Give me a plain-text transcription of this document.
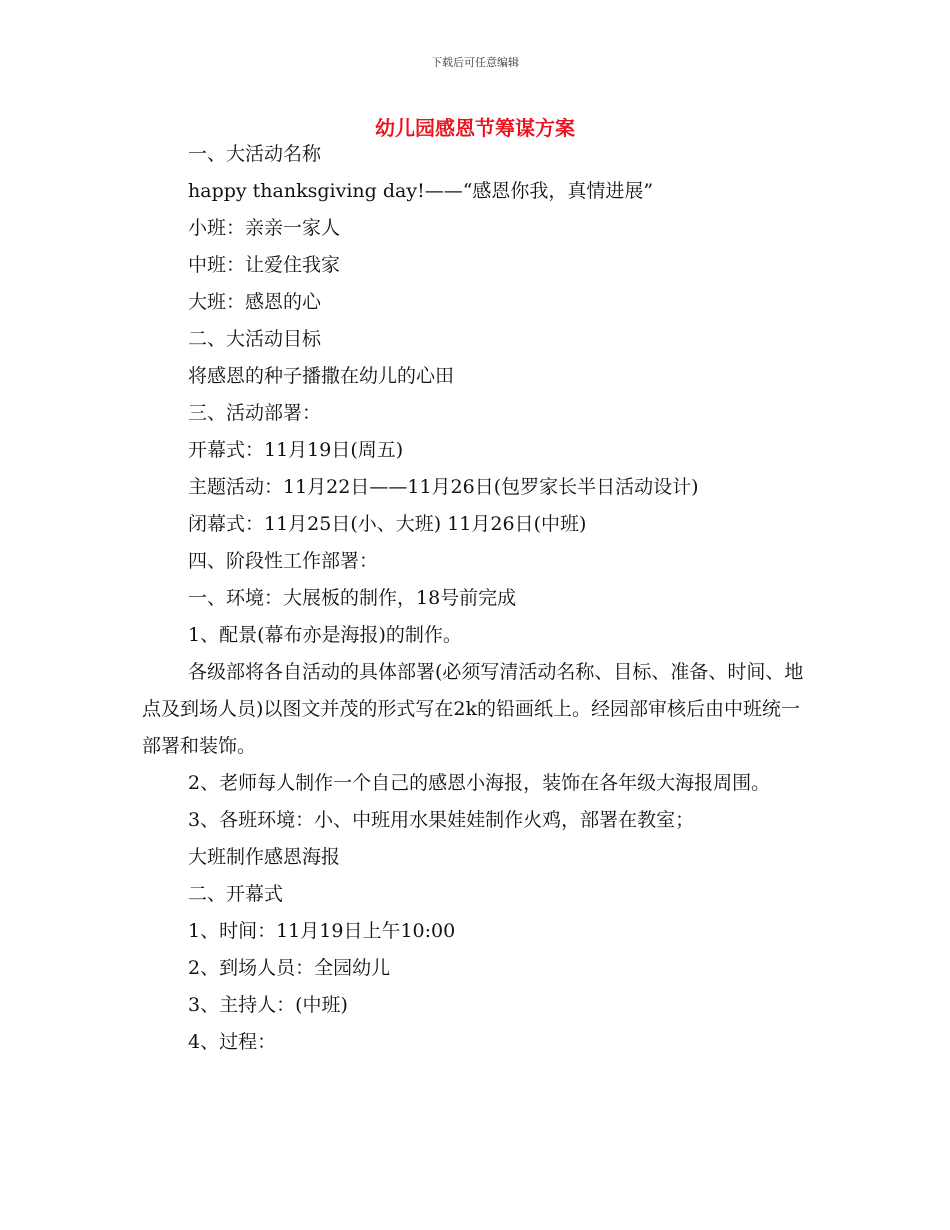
下载后可任意编辑
幼儿园感恩节筹谋方案
一、大活动名称
happy thanksgiving day!——“感恩你我，真情进展”
小班：亲亲一家人
中班：让爱住我家
大班：感恩的心
二、大活动目标
将感恩的种子播撒在幼儿的心田
三、活动部署：
开幕式：11月19日(周五)
主题活动：11月22日——11月26日(包罗家长半日活动设计)
闭幕式：11月25日(小、大班) 11月26日(中班)
四、阶段性工作部署：
一、环境：大展板的制作，18号前完成
1、配景(幕布亦是海报)的制作。
各级部将各自活动的具体部署(必须写清活动名称、目标、准备、时间、地点及到场人员)以图文并茂的形式写在2k的铅画纸上。经园部审核后由中班统一部署和装饰。
2、老师每人制作一个自己的感恩小海报，装饰在各年级大海报周围。
3、各班环境：小、中班用水果娃娃制作火鸡，部署在教室；
大班制作感恩海报
二、开幕式
1、时间：11月19日上午10:00
2、到场人员：全园幼儿
3、主持人：(中班)
4、过程：
